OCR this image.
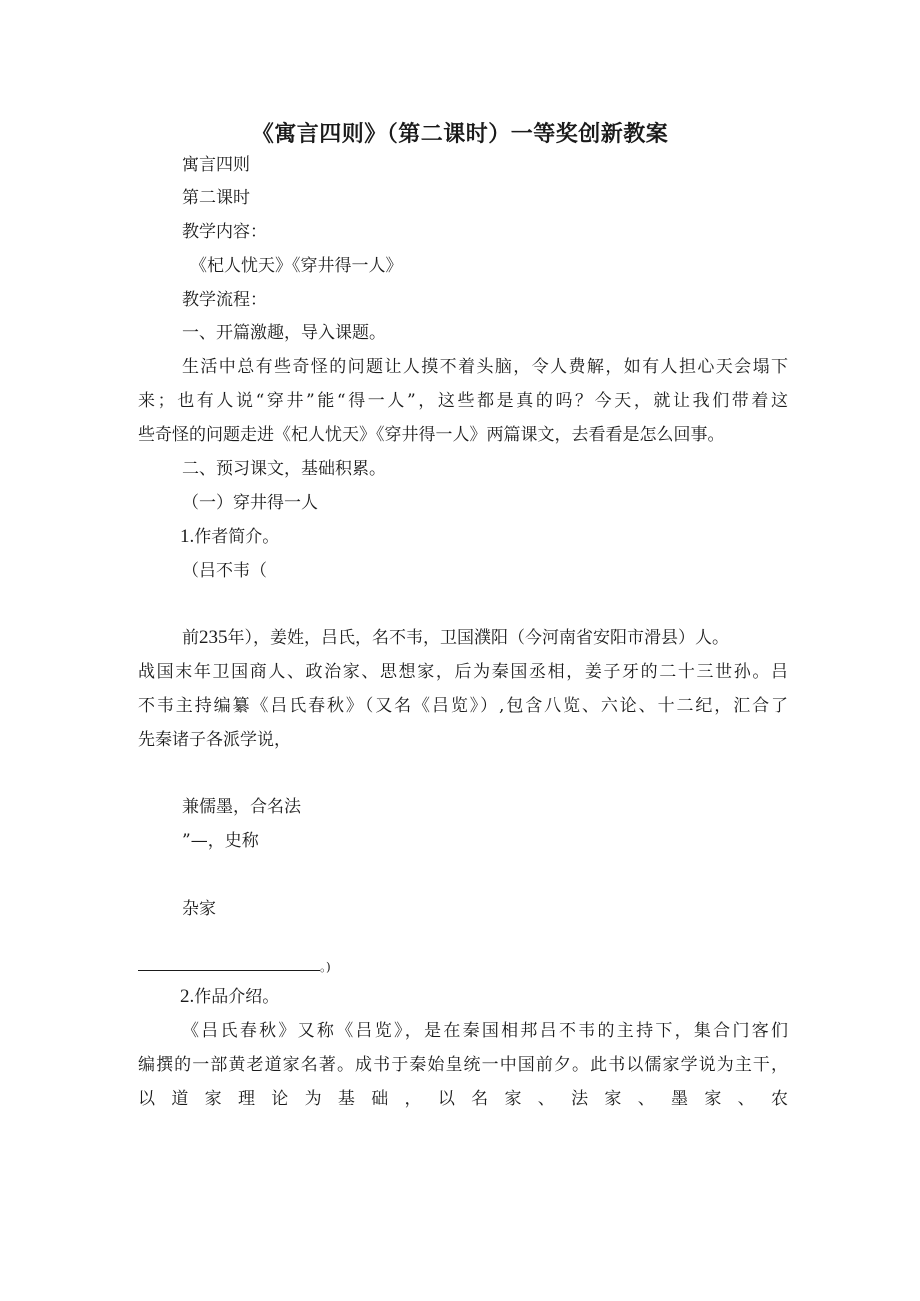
《寓言四则》（第二课时）一等奖创新教案
寓言四则
第二课时
教学内容：
《杞人忧天》《穿井得一人》
教学流程：
一、开篇激趣，导入课题。
生活中总有些奇怪的问题让人摸不着头脑，令人费解，如有人担心天会塌下
来；也有人说“穿井”能“得一人”，这些都是真的吗？今天，就让我们带着这
些奇怪的问题走进《杞人忧天》《穿井得一人》两篇课文，去看看是怎么回事。
二、预习课文，基础积累。
（一）穿井得一人
1.作者简介。
（吕不韦（
前235年），姜姓，吕氏，名不韦，卫国濮阳（今河南省安阳市滑县）人。
战国末年卫国商人、政治家、思想家，后为秦国丞相，姜子牙的二十三世孙。吕
不韦主持编纂《吕氏春秋》（又名《吕览》）,包含八览、六论、十二纪，汇合了
先秦诸子各派学说，
兼儒墨，合名法
”—，史称
杂家
。)
2.作品介绍。
《吕氏春秋》又称《吕览》，是在秦国相邦吕不韦的主持下，集合门客们
编撰的一部黄老道家名著。成书于秦始皇统一中国前夕。此书以儒家学说为主干，
以道家理论为基础，以名家、法家、墨家、农
